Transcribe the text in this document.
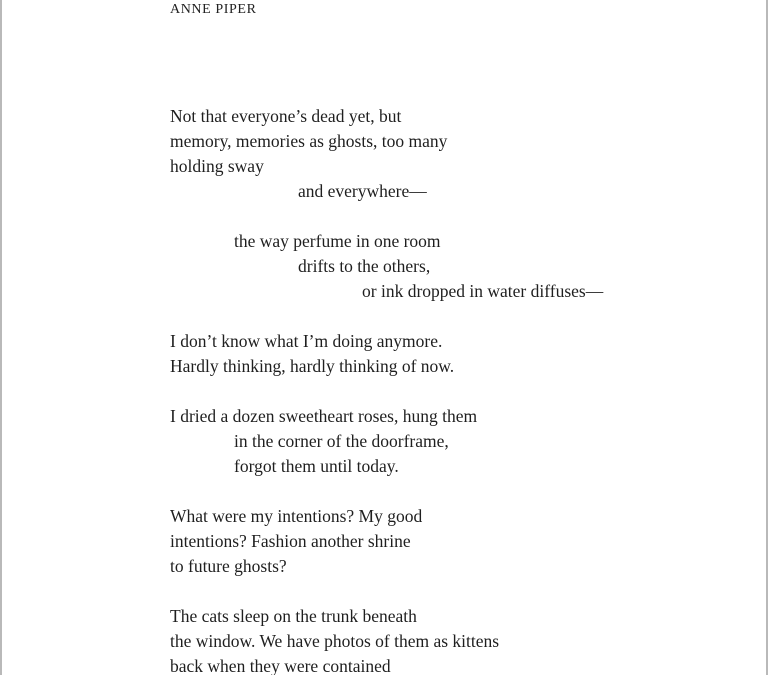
ANNE PIPER
Not that everyone’s dead yet, but
memory, memories as ghosts, too many
holding sway
and everywhere—
the way perfume in one room
drifts to the others,
or ink dropped in water diffuses—
I don’t know what I’m doing anymore.
Hardly thinking, hardly thinking of now.
I dried a dozen sweetheart roses, hung them
in the corner of the doorframe,
forgot them until today.
What were my intentions? My good
intentions? Fashion another shrine
to future ghosts?
The cats sleep on the trunk beneath
the window. We have photos of them as kittens
back when they were contained
